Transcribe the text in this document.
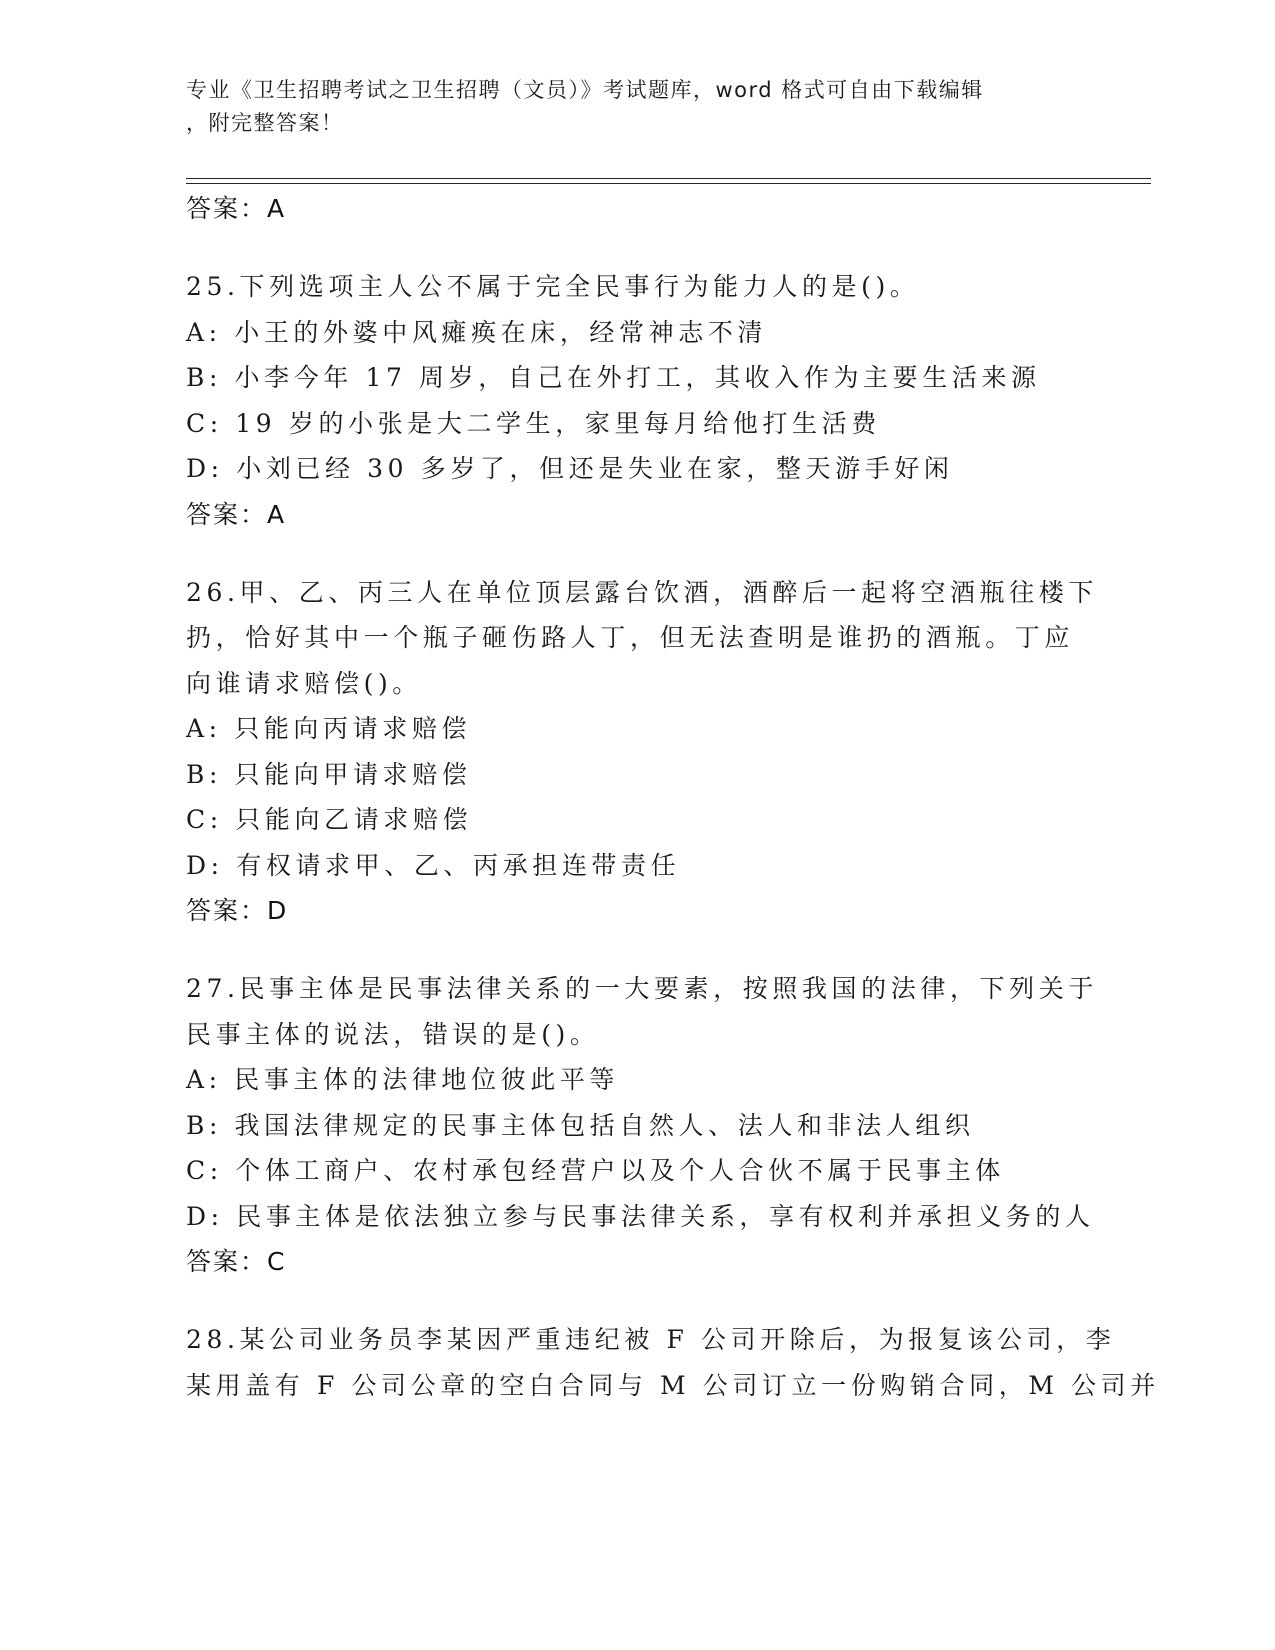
专业《卫生招聘考试之卫生招聘（文员）》考试题库，word 格式可自由下载编辑
，附完整答案！
答案：A
25.下列选项主人公不属于完全民事行为能力人的是()。
A: 小王的外婆中风瘫痪在床，经常神志不清
B: 小李今年 17 周岁，自己在外打工，其收入作为主要生活来源
C: 19 岁的小张是大二学生，家里每月给他打生活费
D: 小刘已经 30 多岁了，但还是失业在家，整天游手好闲
答案：A
26.甲、乙、丙三人在单位顶层露台饮酒，酒醉后一起将空酒瓶往楼下
扔，恰好其中一个瓶子砸伤路人丁，但无法查明是谁扔的酒瓶。丁应
向谁请求赔偿()。
A: 只能向丙请求赔偿
B: 只能向甲请求赔偿
C: 只能向乙请求赔偿
D: 有权请求甲、乙、丙承担连带责任
答案：D
27.民事主体是民事法律关系的一大要素，按照我国的法律，下列关于
民事主体的说法，错误的是()。
A: 民事主体的法律地位彼此平等
B: 我国法律规定的民事主体包括自然人、法人和非法人组织
C: 个体工商户、农村承包经营户以及个人合伙不属于民事主体
D: 民事主体是依法独立参与民事法律关系，享有权利并承担义务的人
答案：C
28.某公司业务员李某因严重违纪被 F 公司开除后，为报复该公司，李
某用盖有 F 公司公章的空白合同与 M 公司订立一份购销合同，M 公司并
